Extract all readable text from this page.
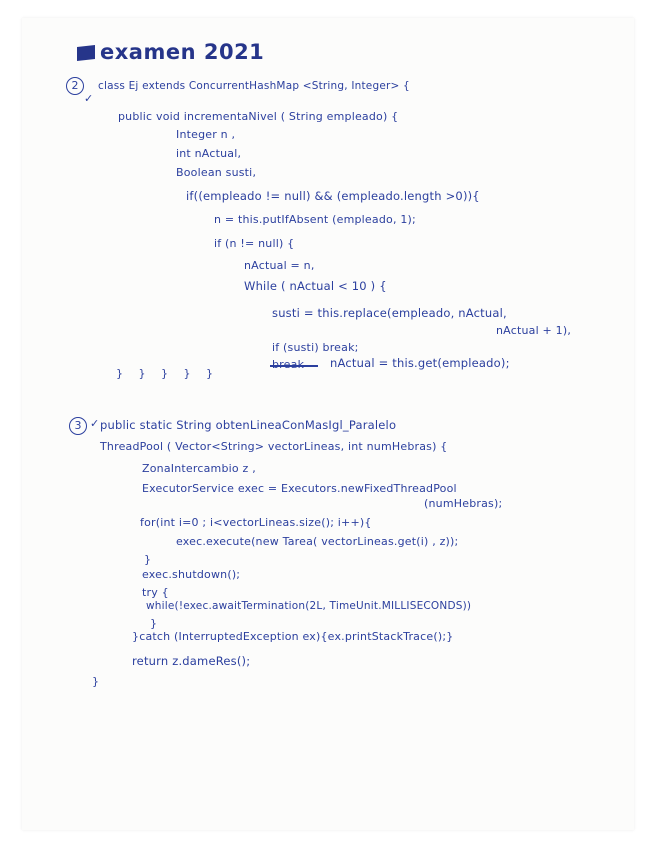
examen 2021
2
✓
class Ej extends ConcurrentHashMap <String, Integer> {
public void incrementaNivel ( String empleado) {
Integer n ,
int nActual,
Boolean susti,
if((empleado != null) && (empleado.length >0)){
n = this.putIfAbsent (empleado, 1);
if (n != null) {
nActual = n,
While ( nActual < 10 ) {
susti = this.replace(empleado, nActual,
nActual + 1),
if (susti) break;
nActual = this.get(empleado);
} } } } }
3 ✓ public static String obtenLineaConMasIgl_Paralelo
ThreadPool ( Vector<String> vectorLineas, int numHebras) {
ZonaIntercambio z ,
ExecutorService exec = Executors.newFixedThreadPool
(numHebras);
for(int i=0 ; i<vectorLineas.size(); i++){
exec.execute(new Tarea( vectorLineas.get(i) , z));
}
exec.shutdown();
try {
while(!exec.awaitTermination(2L, TimeUnit.MILLISECONDS))
}
}catch (InterruptedException ex){ex.printStackTrace();}
return z.dameRes();
}
